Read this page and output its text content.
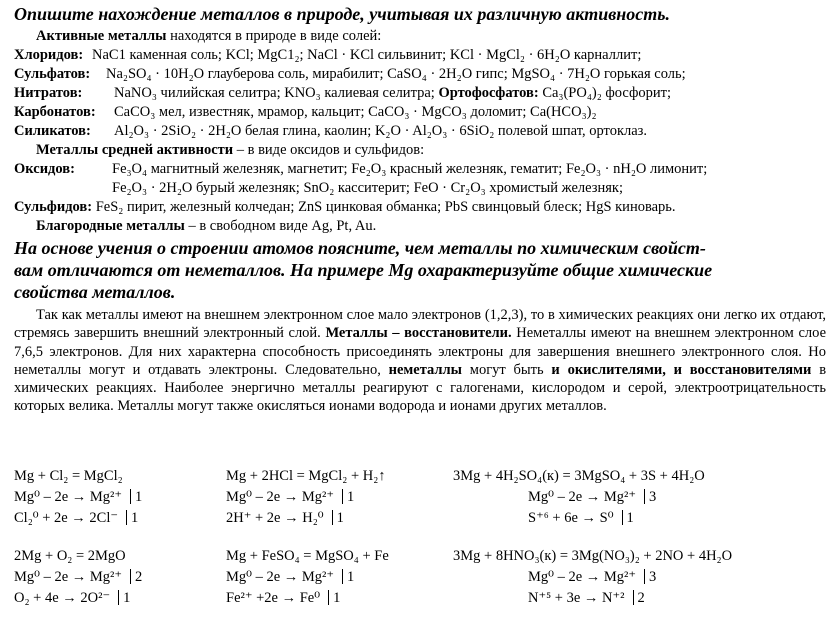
Опишите нахождение металлов в природе, учитывая их различную активность.
Активные металлы находятся в природе в виде солей:
Хлоридов: NaC1 каменная соль; KCl; MgC1₂; NaCl · KCl сильвинит; KCl · MgCl₂ · 6H₂O карналлит;
Сульфатов: Na₂SO₄ · 10H₂O глауберова соль, мирабилит; CaSO₄ · 2H₂O гипс; MgSO₄ · 7H₂O горькая соль;
Нитратов: NaNO₃ чилийская селитра; KNO₃ калиевая селитра; Ортофосфатов: Ca₃(PO₄)₂ фосфорит;
Карбонатов: CaCO₃ мел, известняк, мрамор, кальцит; CaCO₃ · MgCO₃ доломит; Ca(HCO₃)₂
Силикатов: Al₂O₃ · 2SiO₂ · 2H₂O белая глина, каолин; K₂O · Al₂O₃ · 6SiO₂ полевой шпат, ортоклаз.
Металлы средней активности – в виде оксидов и сульфидов:
Оксидов:	Fe₃O₄ магнитный железняк, магнетит; Fe₂O₃ красный железняк, гематит; Fe₂O₃ · nH₂O лимонит;
Fe₂O₃ · 2H₂O бурый железняк; SnO₂ касситерит; FeO · Cr₂O₃ хромистый железняк;
Сульфидов: FeS₂ пирит, железный колчедан; ZnS цинковая обманка; PbS свинцовый блеск; HgS киноварь.
Благородные металлы – в свободном виде Ag, Pt, Au.
На основе учения о строении атомов поясните, чем металлы по химическим свойст-
вам отличаются от неметаллов. На примере Mg охарактеризуйте общие химические
свойства металлов.
Так как металлы имеют на внешнем электронном слое мало электронов (1,2,3), то в химических реакциях они легко их отдают, стремясь завершить внешний электронный слой. Металлы – восстановители. Неметаллы имеют на внешнем электронном слое 7,6,5 электронов. Для них характерна способность присоединять электроны для завершения внешнего электронного слоя. Но неметаллы могут и отдавать электроны. Следовательно, неметаллы могут быть и окислителями, и восстановителями в химических реакциях. Наиболее энергично металлы реагируют с галогенами, кислородом и серой, электроотрицательность которых велика. Металлы могут также окисляться ионами водорода и ионами других металлов.
Mg + Cl₂ = MgCl₂
Mg⁰ – 2e → Mg²⁺ 1
Cl₂⁰ + 2e → 2Cl⁻ 1
Mg + 2HCl = MgCl₂ + H₂↑
Mg⁰ – 2e → Mg²⁺ 1
2H⁺ + 2e → H₂⁰ 1
3Mg + 4H₂SO₄(к) = 3MgSO₄ + 3S + 4H₂O
Mg⁰ – 2e → Mg²⁺ 3
S⁺⁶ + 6e → S⁰ 1
2Mg + O₂ = 2MgO
Mg⁰ – 2e → Mg²⁺ 2
O₂ + 4e → 2O²⁻ 1
Mg + FeSO₄ = MgSO₄ + Fe
Mg⁰ – 2e → Mg²⁺ 1
Fe²⁺ +2e → Fe⁰ 1
3Mg + 8HNO₃(к) = 3Mg(NO₃)₂ + 2NO + 4H₂O
Mg⁰ – 2e → Mg²⁺ 3
N⁺⁵ + 3e → N⁺² 2
